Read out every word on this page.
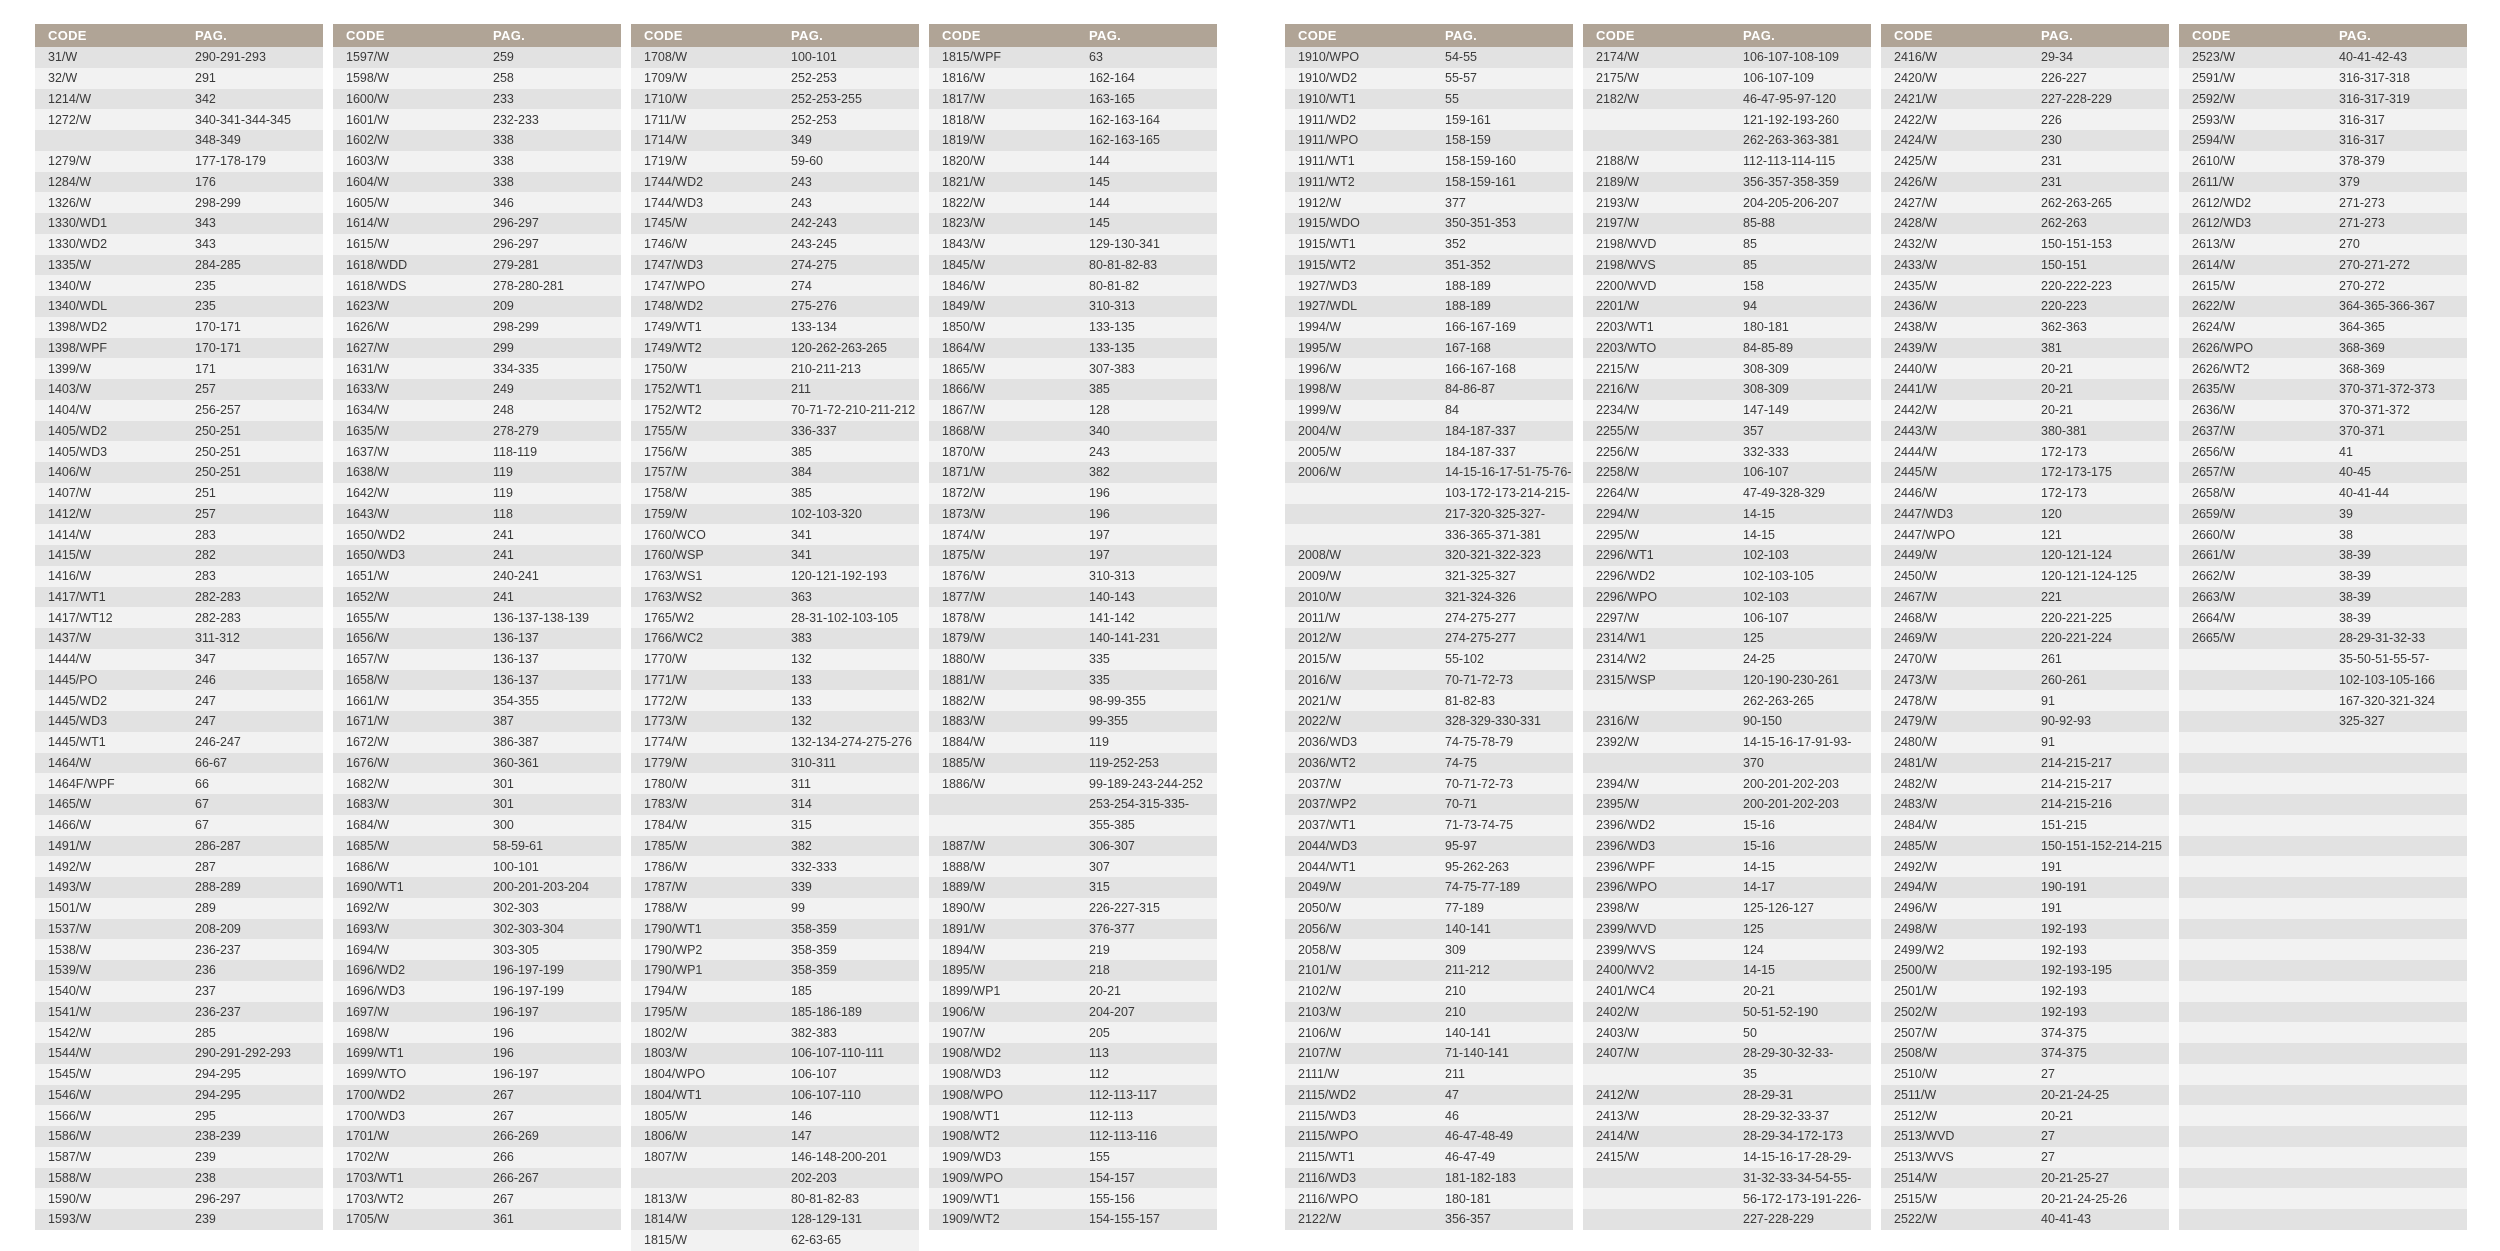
CODE	PAG.
31/W	290-291-293
32/W	291
1214/W	342
1272/W	340-341-344-345
348-349
1279/W	177-178-179
1284/W	176
1326/W	298-299
1330/WD1	343
1330/WD2	343
1335/W	284-285
1340/W	235
1340/WDL	235
1398/WD2	170-171
1398/WPF	170-171
1399/W	171
1403/W	257
1404/W	256-257
1405/WD2	250-251
1405/WD3	250-251
1406/W	250-251
1407/W	251
1412/W	257
1414/W	283
1415/W	282
1416/W	283
1417/WT1	282-283
1417/WT12	282-283
1437/W	311-312
1444/W	347
1445/PO	246
1445/WD2	247
1445/WD3	247
1445/WT1	246-247
1464/W	66-67
1464F/WPF	66
1465/W	67
1466/W	67
1491/W	286-287
1492/W	287
1493/W	288-289
1501/W	289
1537/W	208-209
1538/W	236-237
1539/W	236
1540/W	237
1541/W	236-237
1542/W	285
1544/W	290-291-292-293
1545/W	294-295
1546/W	294-295
1566/W	295
1586/W	238-239
1587/W	239
1588/W	238
1590/W	296-297
1593/W	239
CODE	PAG.
1597/W	259
1598/W	258
1600/W	233
1601/W	232-233
1602/W	338
1603/W	338
1604/W	338
1605/W	346
1614/W	296-297
1615/W	296-297
1618/WDD	279-281
1618/WDS	278-280-281
1623/W	209
1626/W	298-299
1627/W	299
1631/W	334-335
1633/W	249
1634/W	248
1635/W	278-279
1637/W	118-119
1638/W	119
1642/W	119
1643/W	118
1650/WD2	241
1650/WD3	241
1651/W	240-241
1652/W	241
1655/W	136-137-138-139
1656/W	136-137
1657/W	136-137
1658/W	136-137
1661/W	354-355
1671/W	387
1672/W	386-387
1676/W	360-361
1682/W	301
1683/W	301
1684/W	300
1685/W	58-59-61
1686/W	100-101
1690/WT1	200-201-203-204
1692/W	302-303
1693/W	302-303-304
1694/W	303-305
1696/WD2	196-197-199
1696/WD3	196-197-199
1697/W	196-197
1698/W	196
1699/WT1	196
1699/WTO	196-197
1700/WD2	267
1700/WD3	267
1701/W	266-269
1702/W	266
1703/WT1	266-267
1703/WT2	267
1705/W	361
CODE	PAG.
1708/W	100-101
1709/W	252-253
1710/W	252-253-255
1711/W	252-253
1714/W	349
1719/W	59-60
1744/WD2	243
1744/WD3	243
1745/W	242-243
1746/W	243-245
1747/WD3	274-275
1747/WPO	274
1748/WD2	275-276
1749/WT1	133-134
1749/WT2	120-262-263-265
1750/W	210-211-213
1752/WT1	211
1752/WT2	70-71-72-210-211-212
1755/W	336-337
1756/W	385
1757/W	384
1758/W	385
1759/W	102-103-320
1760/WCO	341
1760/WSP	341
1763/WS1	120-121-192-193
1763/WS2	363
1765/W2	28-31-102-103-105
1766/WC2	383
1770/W	132
1771/W	133
1772/W	133
1773/W	132
1774/W	132-134-274-275-276
1779/W	310-311
1780/W	311
1783/W	314
1784/W	315
1785/W	382
1786/W	332-333
1787/W	339
1788/W	99
1790/WT1	358-359
1790/WP2	358-359
1790/WP1	358-359
1794/W	185
1795/W	185-186-189
1802/W	382-383
1803/W	106-107-110-111
1804/WPO	106-107
1804/WT1	106-107-110
1805/W	146
1806/W	147
1807/W	146-148-200-201
202-203
1813/W	80-81-82-83
1814/W	128-129-131
1815/W	62-63-65
CODE	PAG.
1815/WPF	63
1816/W	162-164
1817/W	163-165
1818/W	162-163-164
1819/W	162-163-165
1820/W	144
1821/W	145
1822/W	144
1823/W	145
1843/W	129-130-341
1845/W	80-81-82-83
1846/W	80-81-82
1849/W	310-313
1850/W	133-135
1864/W	133-135
1865/W	307-383
1866/W	385
1867/W	128
1868/W	340
1870/W	243
1871/W	382
1872/W	196
1873/W	196
1874/W	197
1875/W	197
1876/W	310-313
1877/W	140-143
1878/W	141-142
1879/W	140-141-231
1880/W	335
1881/W	335
1882/W	98-99-355
1883/W	99-355
1884/W	119
1885/W	119-252-253
1886/W	99-189-243-244-252
253-254-315-335-
355-385
1887/W	306-307
1888/W	307
1889/W	315
1890/W	226-227-315
1891/W	376-377
1894/W	219
1895/W	218
1899/WP1	20-21
1906/W	204-207
1907/W	205
1908/WD2	113
1908/WD3	112
1908/WPO	112-113-117
1908/WT1	112-113
1908/WT2	112-113-116
1909/WD3	155
1909/WPO	154-157
1909/WT1	155-156
1909/WT2	154-155-157
CODE	PAG.
1910/WPO	54-55
1910/WD2	55-57
1910/WT1	55
1911/WD2	159-161
1911/WPO	158-159
1911/WT1	158-159-160
1911/WT2	158-159-161
1912/W	377
1915/WDO	350-351-353
1915/WT1	352
1915/WT2	351-352
1927/WD3	188-189
1927/WDL	188-189
1994/W	166-167-169
1995/W	167-168
1996/W	166-167-168
1998/W	84-86-87
1999/W	84
2004/W	184-187-337
2005/W	184-187-337
2006/W	14-15-16-17-51-75-76-
103-172-173-214-215-
217-320-325-327-
336-365-371-381
2008/W	320-321-322-323
2009/W	321-325-327
2010/W	321-324-326
2011/W	274-275-277
2012/W	274-275-277
2015/W	55-102
2016/W	70-71-72-73
2021/W	81-82-83
2022/W	328-329-330-331
2036/WD3	74-75-78-79
2036/WT2	74-75
2037/W	70-71-72-73
2037/WP2	70-71
2037/WT1	71-73-74-75
2044/WD3	95-97
2044/WT1	95-262-263
2049/W	74-75-77-189
2050/W	77-189
2056/W	140-141
2058/W	309
2101/W	211-212
2102/W	210
2103/W	210
2106/W	140-141
2107/W	71-140-141
2111/W	211
2115/WD2	47
2115/WD3	46
2115/WPO	46-47-48-49
2115/WT1	46-47-49
2116/WD3	181-182-183
2116/WPO	180-181
2122/W	356-357
CODE	PAG.
2174/W	106-107-108-109
2175/W	106-107-109
2182/W	46-47-95-97-120
121-192-193-260
262-263-363-381
2188/W	112-113-114-115
2189/W	356-357-358-359
2193/W	204-205-206-207
2197/W	85-88
2198/WVD	85
2198/WVS	85
2200/WVD	158
2201/W	94
2203/WT1	180-181
2203/WTO	84-85-89
2215/W	308-309
2216/W	308-309
2234/W	147-149
2255/W	357
2256/W	332-333
2258/W	106-107
2264/W	47-49-328-329
2294/W	14-15
2295/W	14-15
2296/WT1	102-103
2296/WD2	102-103-105
2296/WPO	102-103
2297/W	106-107
2314/W1	125
2314/W2	24-25
2315/WSP	120-190-230-261
262-263-265
2316/W	90-150
2392/W	14-15-16-17-91-93-
370
2394/W	200-201-202-203
2395/W	200-201-202-203
2396/WD2	15-16
2396/WD3	15-16
2396/WPF	14-15
2396/WPO	14-17
2398/W	125-126-127
2399/WVD	125
2399/WVS	124
2400/WV2	14-15
2401/WC4	20-21
2402/W	50-51-52-190
2403/W	50
2407/W	28-29-30-32-33-
35
2412/W	28-29-31
2413/W	28-29-32-33-37
2414/W	28-29-34-172-173
2415/W	14-15-16-17-28-29-
31-32-33-34-54-55-
56-172-173-191-226-
227-228-229
CODE	PAG.
2416/W	29-34
2420/W	226-227
2421/W	227-228-229
2422/W	226
2424/W	230
2425/W	231
2426/W	231
2427/W	262-263-265
2428/W	262-263
2432/W	150-151-153
2433/W	150-151
2435/W	220-222-223
2436/W	220-223
2438/W	362-363
2439/W	381
2440/W	20-21
2441/W	20-21
2442/W	20-21
2443/W	380-381
2444/W	172-173
2445/W	172-173-175
2446/W	172-173
2447/WD3	120
2447/WPO	121
2449/W	120-121-124
2450/W	120-121-124-125
2467/W	221
2468/W	220-221-225
2469/W	220-221-224
2470/W	261
2473/W	260-261
2478/W	91
2479/W	90-92-93
2480/W	91
2481/W	214-215-217
2482/W	214-215-217
2483/W	214-215-216
2484/W	151-215
2485/W	150-151-152-214-215
2492/W	191
2494/W	190-191
2496/W	191
2498/W	192-193
2499/W2	192-193
2500/W	192-193-195
2501/W	192-193
2502/W	192-193
2507/W	374-375
2508/W	374-375
2510/W	27
2511/W	20-21-24-25
2512/W	20-21
2513/WVD	27
2513/WVS	27
2514/W	20-21-25-27
2515/W	20-21-24-25-26
2522/W	40-41-43
CODE	PAG.
2523/W	40-41-42-43
2591/W	316-317-318
2592/W	316-317-319
2593/W	316-317
2594/W	316-317
2610/W	378-379
2611/W	379
2612/WD2	271-273
2612/WD3	271-273
2613/W	270
2614/W	270-271-272
2615/W	270-272
2622/W	364-365-366-367
2624/W	364-365
2626/WPO	368-369
2626/WT2	368-369
2635/W	370-371-372-373
2636/W	370-371-372
2637/W	370-371
2656/W	41
2657/W	40-45
2658/W	40-41-44
2659/W	39
2660/W	38
2661/W	38-39
2662/W	38-39
2663/W	38-39
2664/W	38-39
2665/W	28-29-31-32-33
35-50-51-55-57-
102-103-105-166
167-320-321-324
325-327
